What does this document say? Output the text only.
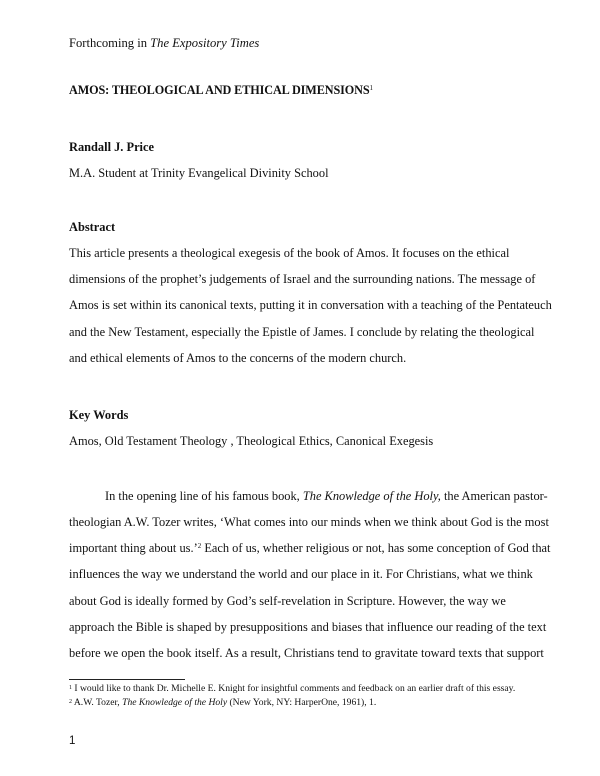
Forthcoming in The Expository Times
AMOS: THEOLOGICAL AND ETHICAL DIMENSIONS$^1$
Randall J. Price
M.A. Student at Trinity Evangelical Divinity School
Abstract
This article presents a theological exegesis of the book of Amos. It focuses on the ethical
dimensions of the prophet’s judgements of Israel and the surrounding nations. The message of
Amos is set within its canonical texts, putting it in conversation with a teaching of the Pentateuch
and the New Testament, especially the Epistle of James. I conclude by relating the theological
and ethical elements of Amos to the concerns of the modern church.
Key Words
Amos, Old Testament Theology , Theological Ethics, Canonical Exegesis
In the opening line of his famous book, The Knowledge of the Holy, the American pastor-
theologian A.W. Tozer writes, ‘What comes into our minds when we think about God is the most
important thing about us.’$^2$ Each of us, whether religious or not, has some conception of God that
influences the way we understand the world and our place in it. For Christians, what we think
about God is ideally formed by God’s self-revelation in Scripture. However, the way we
approach the Bible is shaped by presuppositions and biases that influence our reading of the text
before we open the book itself. As a result, Christians tend to gravitate toward texts that support
$^1$ I would like to thank Dr. Michelle E. Knight for insightful comments and feedback on an earlier draft of this essay.
$^2$ A.W. Tozer, The Knowledge of the Holy (New York, NY: HarperOne, 1961), 1.
1
